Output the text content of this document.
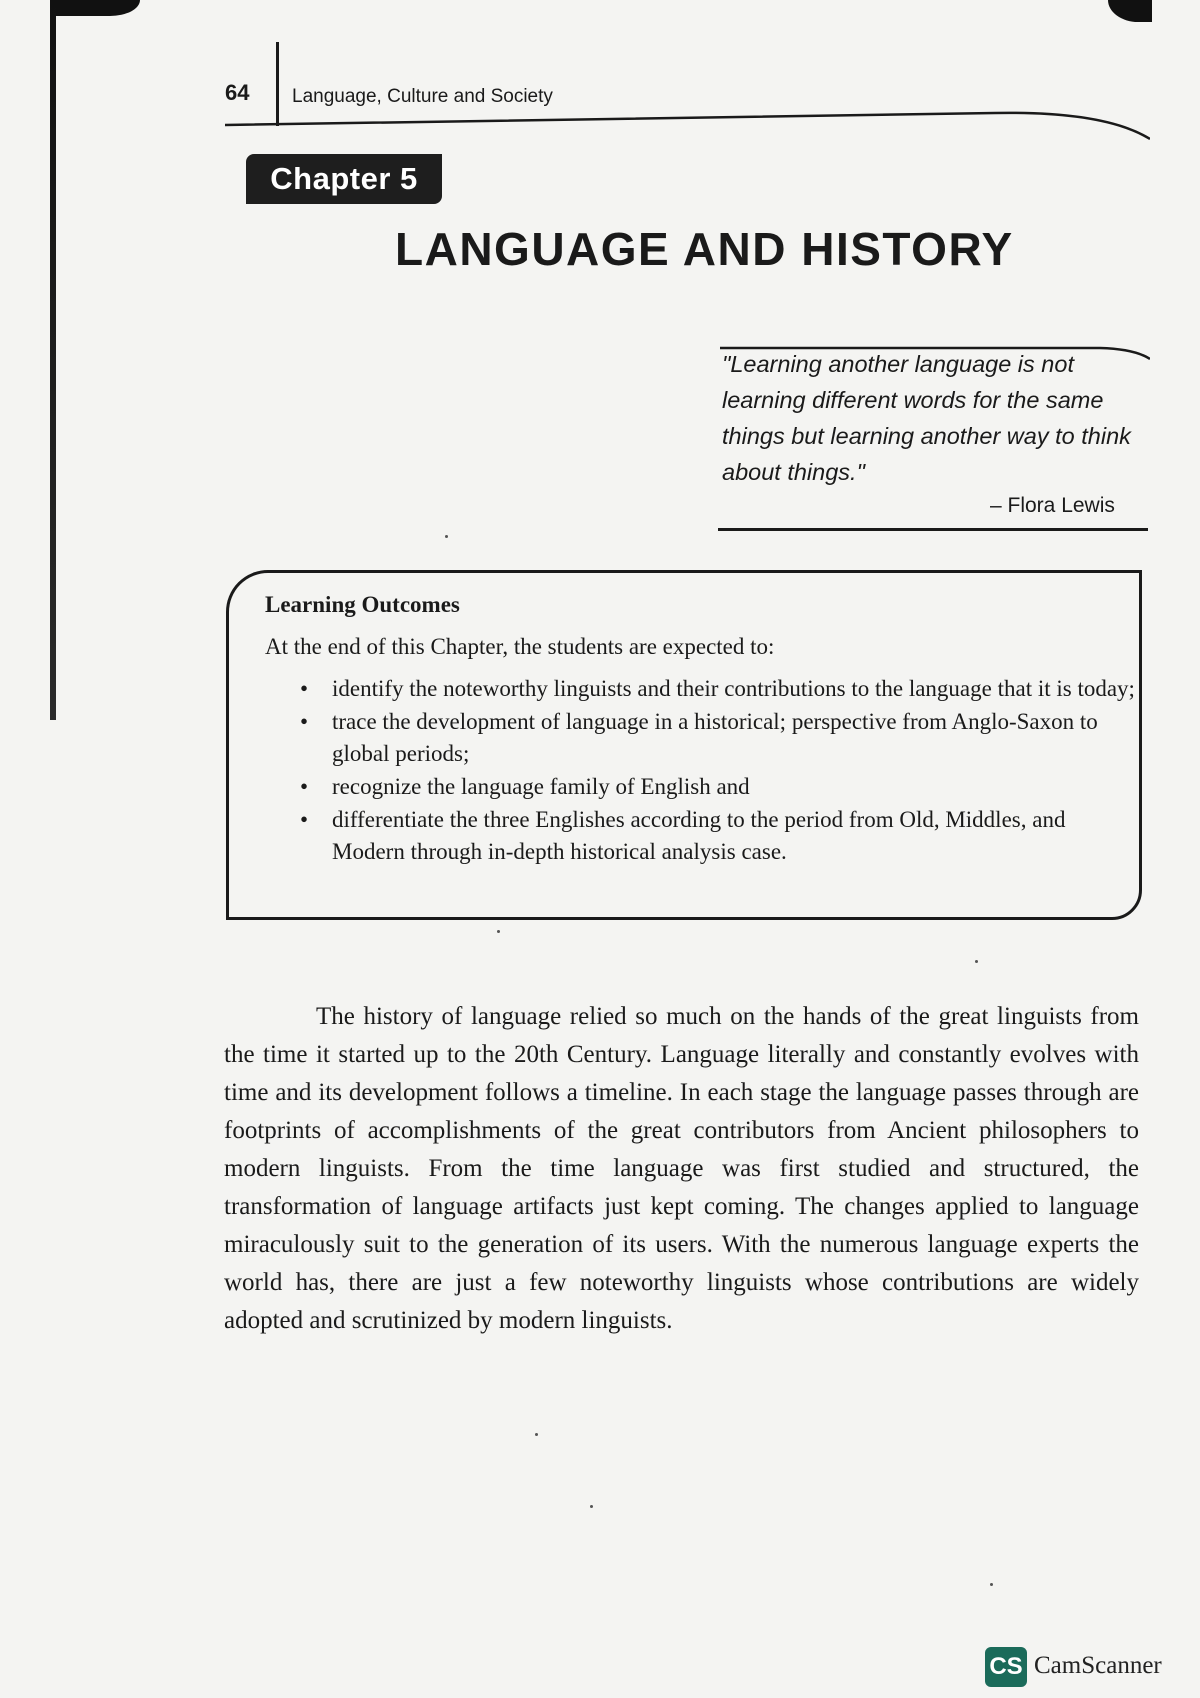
64 Language, Culture and Society
Chapter 5
LANGUAGE AND HISTORY
"Learning another language is not
learning different words for the same
things but learning another way to think
about things."
– Flora Lewis
Learning Outcomes
At the end of this Chapter, the students are expected to:
• identify the noteworthy linguists and their contributions to the language that it is today;
• trace the development of language in a historical; perspective from Anglo-Saxon to global periods;
• recognize the language family of English and
• differentiate the three Englishes according to the period from Old, Middles, and Modern through in-depth historical analysis case.

The history of language relied so much on the hands of the great linguists from the time it started up to the 20th Century. Language literally and constantly evolves with time and its development follows a timeline. In each stage the language passes through are footprints of accomplishments of the great contributors from Ancient philosophers to modern linguists. From the time language was first studied and structured, the transformation of language artifacts just kept coming. The changes applied to language miraculously suit to the generation of its users. With the numerous language experts the world has, there are just a few noteworthy linguists whose contributions are widely adopted and scrutinized by modern linguists.

CS CamScanner
